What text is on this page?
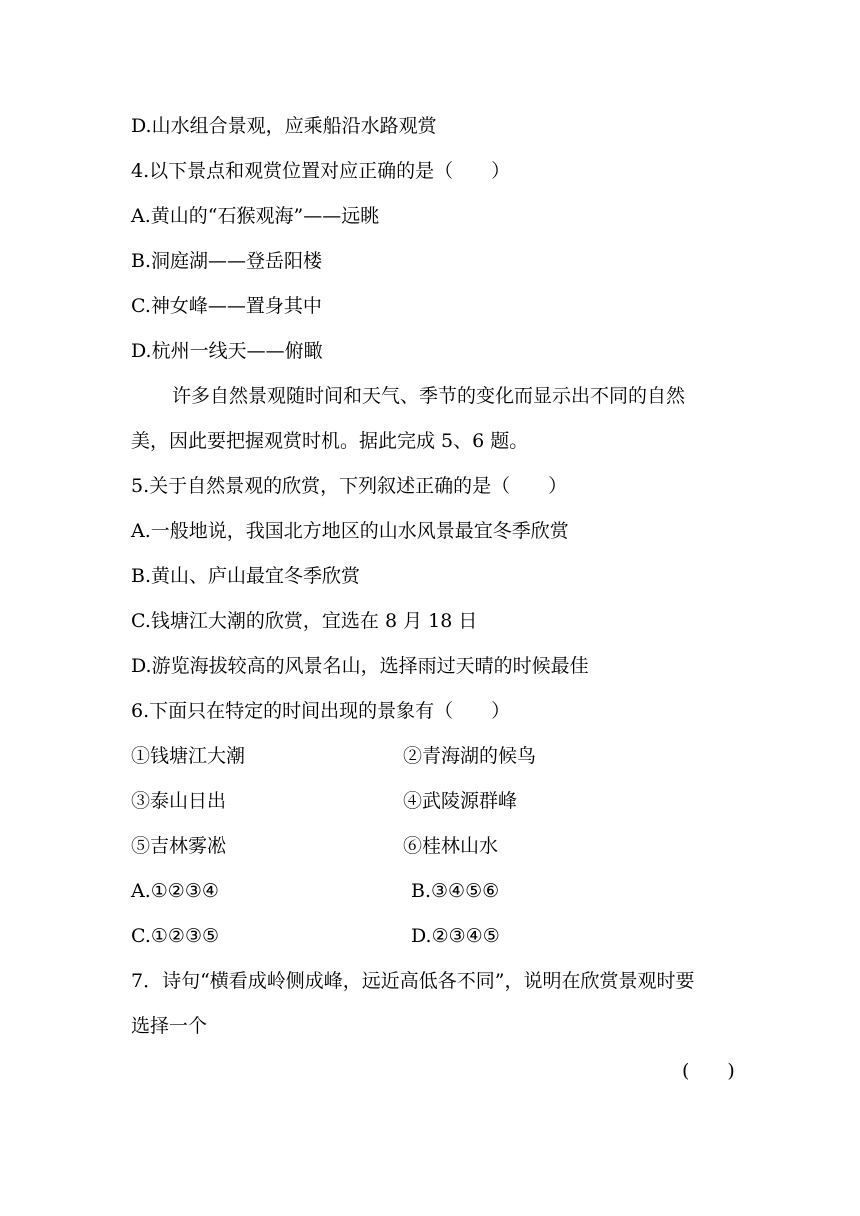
D.山水组合景观，应乘船沿水路观赏
4.以下景点和观赏位置对应正确的是（　　）
A.黄山的“石猴观海”——远眺
B.洞庭湖——登岳阳楼
C.神女峰——置身其中
D.杭州一线天——俯瞰
许多自然景观随时间和天气、季节的变化而显示出不同的自然
美，因此要把握观赏时机。据此完成 5、6 题。
5.关于自然景观的欣赏，下列叙述正确的是（　　）
A.一般地说，我国北方地区的山水风景最宜冬季欣赏
B.黄山、庐山最宜冬季欣赏
C.钱塘江大潮的欣赏，宜选在 8 月 18 日
D.游览海拔较高的风景名山，选择雨过天晴的时候最佳
6.下面只在特定的时间出现的景象有（　　）
①钱塘江大潮	②青海湖的候鸟
③泰山日出	④武陵源群峰
⑤吉林雾凇	⑥桂林山水
A.①②③④	B.③④⑤⑥
C.①②③⑤	D.②③④⑤
7．诗句“横看成岭侧成峰，远近高低各不同”，说明在欣赏景观时要
选择一个
(　　)
